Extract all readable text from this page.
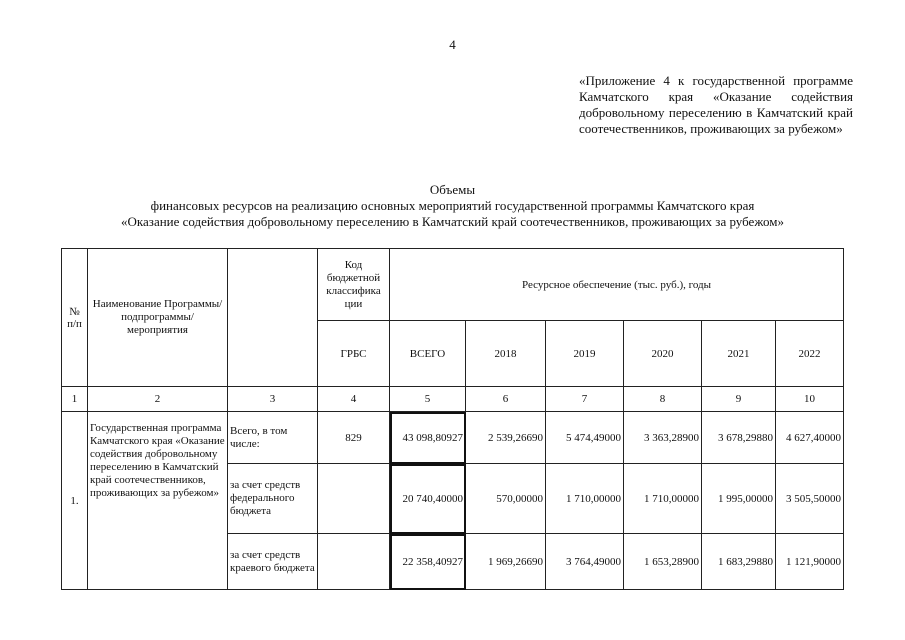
4
«Приложение 4 к государственной программе Камчатского края «Оказание содействия добровольному переселению в Камчатский край соотечественников, проживающих за рубежом»
Объемы
финансовых ресурсов на реализацию основных мероприятий государственной программы Камчатского края
«Оказание содействия добровольному переселению в Камчатский край соотечественников, проживающих за рубежом»
№ п/п	Наименование Программы/ подпрограммы/ мероприятия		Код бюджетной классифика ции	Ресурсное обеспечение (тыс. руб.), годы					
			ГРБС	ВСЕГО	2018	2019	2020	2021	2022
1	2	3	4	5	6	7	8	9	10
1.	Государственная программа Камчатского края «Оказание содействия добровольному переселению в Камчатский край соотечественников, проживающих за рубежом»	Всего, в том числе:	829	43 098,80927	2 539,26690	5 474,49000	3 363,28900	3 678,29880	4 627,40000
		за счет средств федерального бюджета		20 740,40000	570,00000	1 710,00000	1 710,00000	1 995,00000	3 505,50000
		за счет средств краевого бюджета		22 358,40927	1 969,26690	3 764,49000	1 653,28900	1 683,29880	1 121,90000
